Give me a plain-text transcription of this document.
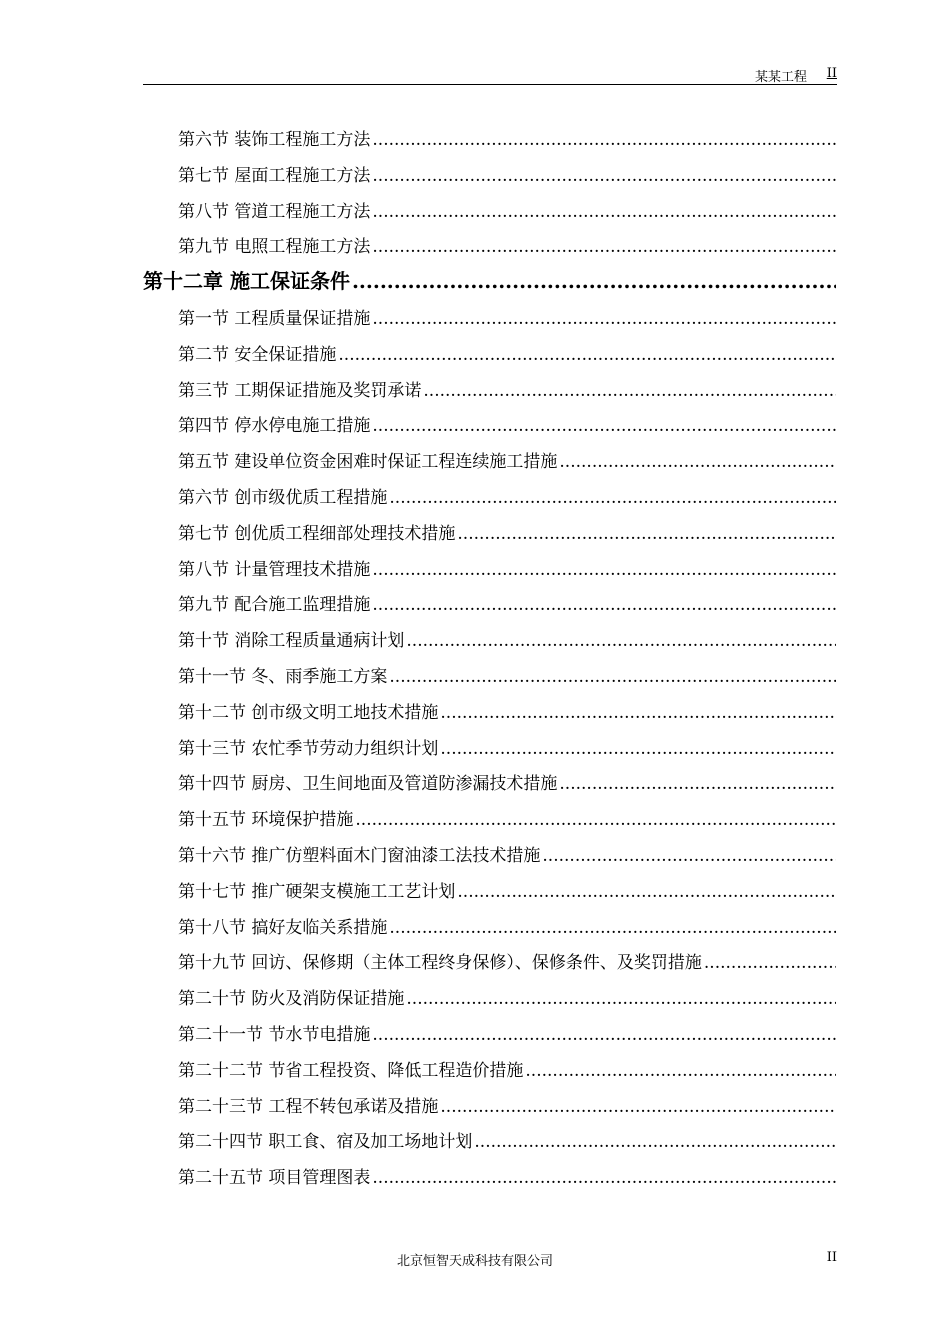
某某工程 II
第六节 装饰工程施工方法
.....
第七节 屋面工程施工方法
.....
第八节 管道工程施工方法
.....
第九节 电照工程施工方法
.....
第十二章 施工保证条件
.....
第一节 工程质量保证措施
.....
第二节 安全保证措施
.....
第三节 工期保证措施及奖罚承诺
.....
第四节 停水停电施工措施
.....
第五节 建设单位资金困难时保证工程连续施工措施
.....
第六节 创市级优质工程措施
.....
第七节 创优质工程细部处理技术措施
.....
第八节 计量管理技术措施
.....
第九节 配合施工监理措施
.....
第十节 消除工程质量通病计划
.....
第十一节 冬、雨季施工方案
.....
第十二节 创市级文明工地技术措施
.....
第十三节 农忙季节劳动力组织计划
.....
第十四节 厨房、卫生间地面及管道防渗漏技术措施
.....
第十五节 环境保护措施
.....
第十六节 推广仿塑料面木门窗油漆工法技术措施
.....
第十七节 推广硬架支模施工工艺计划
.....
第十八节 搞好友临关系措施
.....
第十九节 回访、保修期（主体工程终身保修）、保修条件、及奖罚措施
.....
第二十节 防火及消防保证措施
.....
第二十一节 节水节电措施
.....
第二十二节 节省工程投资、降低工程造价措施
.....
第二十三节 工程不转包承诺及措施
.....
第二十四节 职工食、宿及加工场地计划
.....
第二十五节 项目管理图表
.....
北京恒智天成科技有限公司	II
